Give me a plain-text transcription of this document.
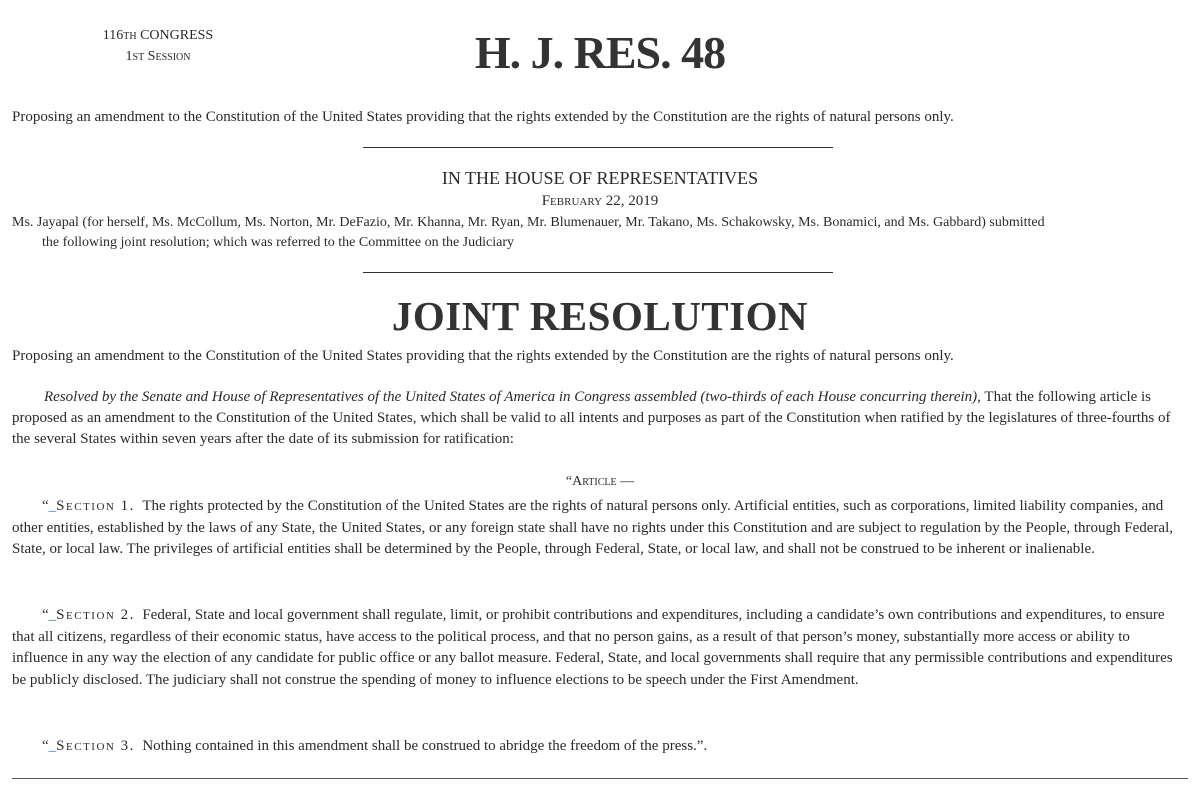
116th CONGRESS
1st Session	H. J. RES. 48
Proposing an amendment to the Constitution of the United States providing that the rights extended by the Constitution are the rights of natural persons only.
IN THE HOUSE OF REPRESENTATIVES
February 22, 2019
Ms. Jayapal (for herself, Ms. McCollum, Ms. Norton, Mr. DeFazio, Mr. Khanna, Mr. Ryan, Mr. Blumenauer, Mr. Takano, Ms. Schakowsky, Ms. Bonamici, and Ms. Gabbard) submitted
the following joint resolution; which was referred to the Committee on the Judiciary
JOINT RESOLUTION
Proposing an amendment to the Constitution of the United States providing that the rights extended by the Constitution are the rights of natural persons only.
Resolved by the Senate and House of Representatives of the United States of America in Congress assembled (two-thirds of each House concurring therein), That the following article is proposed as an amendment to the Constitution of the United States, which shall be valid to all intents and purposes as part of the Constitution when ratified by the legislatures of three-fourths of the several States within seven years after the date of its submission for ratification:
“Article —
“_Section 1. The rights protected by the Constitution of the United States are the rights of natural persons only. Artificial entities, such as corporations, limited liability companies, and other entities, established by the laws of any State, the United States, or any foreign state shall have no rights under this Constitution and are subject to regulation by the People, through Federal, State, or local law. The privileges of artificial entities shall be determined by the People, through Federal, State, or local law, and shall not be construed to be inherent or inalienable.
“_Section 2. Federal, State and local government shall regulate, limit, or prohibit contributions and expenditures, including a candidate’s own contributions and expenditures, to ensure that all citizens, regardless of their economic status, have access to the political process, and that no person gains, as a result of that person’s money, substantially more access or ability to influence in any way the election of any candidate for public office or any ballot measure. Federal, State, and local governments shall require that any permissible contributions and expenditures be publicly disclosed. The judiciary shall not construe the spending of money to influence elections to be speech under the First Amendment.
“_Section 3. Nothing contained in this amendment shall be construed to abridge the freedom of the press.”.
